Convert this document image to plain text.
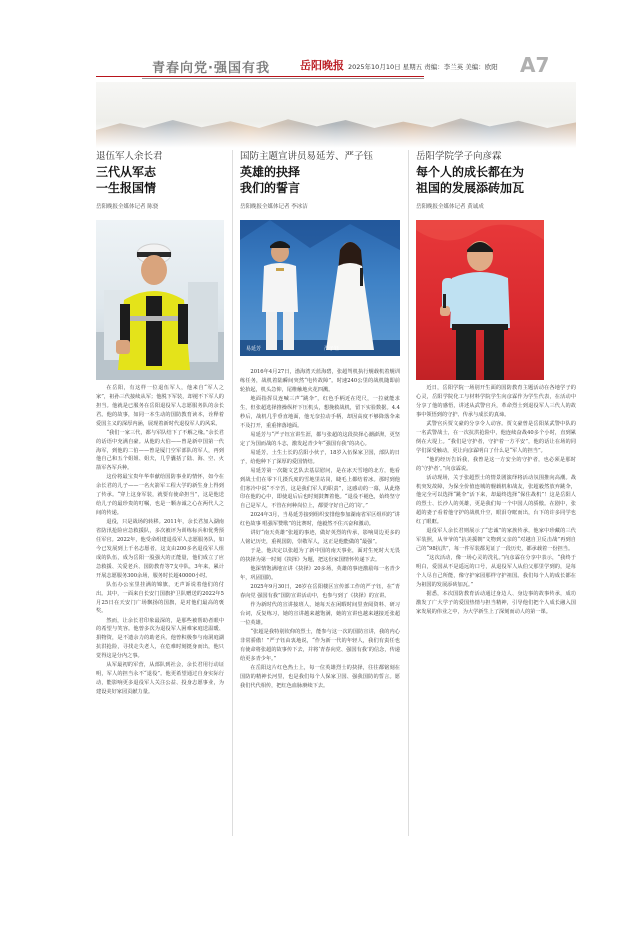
青春向党·强国有我	岳阳晚报 2025年10月10日 星期五 责编：李兰英 美编：欧阳 A7
退伍军人余长君
三代从军志
一生报国情
岳阳晚报全媒体记者 陈骁

在岳阳，有这样一位退伍军人，他来自“军人之家”，祖孙三代接续从军；他脱下军装，却褪不下军人的担当。他就是已服务在岳阳退役军人志愿服务队的余长君。他的故事，如同一本生动的国防教育读本，诠释着爱国主义的深厚内涵，展现着新时代退役军人的风采。

“我们一家三代，都与军队结下了不解之缘。”余长君的话语中充满自豪。从他的大伯——曾是新中国第一代海军，到他的二伯——曾是厦门空军部队的军人，再到他自己和五个姐姐、姐夫，几乎囊括了陆、海、空、火箭军各军兵种。

这份将最宝贵年华奉献给国防事业的情怀，如今在余长君的儿子——一名火箭军工程大学的新生身上得到了传承。“穿上这身军装，就要有使命担当”，这是他送给儿子的最珍贵的叮嘱，也是一颗赤诚之心在两代人之间的传递。

退役，只是战场的转移。2011年，余长君加入湖南省防汛抢险应急救援队，多次被评为训练标兵和优秀预任军官。2022年，他受命组建退役军人志愿服务队，如今已发展到上千名志愿者，这支由200多名退役军人组成的队伍，成为岳阳一股强大的正能量，他们成立了应急救援、关爱老兵、国防教育等7支中队，3年来，累计开展志愿服务300余场，服务时长超40000小时。

队伍办公室里挂满的锦旗，无声诉说着他们的付出。其中，一面来自长安门国旗护卫队赠送的2022年5月25日在天安门广场飘扬的国旗，是对他们最高的褒奖。

然而，让余长君印象最深的，是那些被帮助者眼中的希望与笑容。他曾多次为退役军人困难家庭送温暖、捐物资，是不遗余力的助老兵。他曾积极参与南洞庭湖抗洪抢险，寻找走失老人，在危难时刻挺身而出，他只觉得这是分内之事。

从军最初的军营，从部队到社会，余长君用行动证明，军人的担当永不“退役”。他更希望通过自身实际行动，能影响更多退役军人关注公益、投身志愿事业，为建设美好家园贡献力量。

国防主题宣讲员易延芳、严子钰
英雄的抉择
我们的誓言
岳阳晚报全媒体记者 李冰洁
易延芳	严子钰

2016年4月27日，渤海湾天蓝海碧，张超驾机执行舰载机着舰训练任务，战机着陆瞬间突然“电传故障”。时速240公里的战机随即前轮抬起，机头急仰，尾椎触地火花四溅。

地面指挥员连喊三声“跳伞”，红色手柄近在咫尺，一拉就能求生，但张超选择推操纵杆下压机头，想挽救战机，留下实验数据。4.4秒后，战机几乎垂直地面，他无奈拉动手柄，却因高度不够降落伞来不及打开，重重摔落地面。

易延芳与“严子钰宣讲生涯，都与张超的这段抉择心潮澎湃，更坚定了为国而战的斗志，激发起青少年“强国有我”的决心。

易延芳，土生土长的岳阳小伙子，18岁入伍保家卫国，部队的日子，给他种下了深厚的爱国情结。

易延芳第一次随文艺队去基层慰问，是在冰天雪地的北方，他看到战士们在零下几摄氏度的雪地里站岗，睫毛上都结着冰。那时到他们寒冷中说“不辛苦，这是我们军人的职责”，这感动的一幕，从此烙印在他的心中，即使退后后也时刻鼓舞着他。“退役不褪色，始终坚守自己是军人，不管在何种岗位上，都要守好自己的‘岗’。”

2024年3月，当易延芳接到组织安排他参加湖南省军区组织的“讲红色故事 唱强军赞歌”的比赛时，他毅然不住兴奋和激动。

讲好“南天英雄”张超的事迹，做好英烈的传承，影响周边更多的人铭记历史，重视国防，崇敬军人，这正是他能做的“最强”。

于是，他决定以张超为了新中国的南天事业，面对生死时大无畏的抉择为第一时刻《抉择》为题，把这份家国情怀传递下去。

他深情饱满地宣讲《抉择》20多场，英雄的事迹激励每一名青少年，巩固国防。

2025年9月30日，26岁在岳阳楼区宣传部工作的严子钰，在“青春向党 强国有我”国防宣讲活动中，也参与到了《抉择》的宣讲。

作为新时代的宣讲接班人，她每天在闲暇时间里查阅资料、研习台词，反复练习，她的宣讲越来越饱满，她的宣讲也越来越接近张超一位英雄。

“张超是我特别钦仰的烈士，能参与这一次的国防宣讲，我的内心非常骄傲！”严子钰由衷地说，“作为新一代的年轻人，我们有责任也有使命将张超的故事传下去，并将‘青春向党、强国有我’的信念，传递给更多青少年。”

在岳阳这片红色热土上，每一位英雄烈士的抉择，往往都铭刻在国防的精神长河里，也是我们每个人保家卫国、强我国防的誓言。愿我们代代相传，把红色血脉赓续下去。

岳阳学院学子向彦霖
每个人的成长都在为
祖国的发展添砖加瓦
岳阳晚报全媒体记者 黄诚成

近日，岳阳学院一场别开生面的国防教育主题活动在各地学子的心灵，岳阳学院化工与材料学院学生向彦霖作为学生代表，在活动中分享了他的感悟，讲述从武警官兵，革命烈士到退役军人三代人的故事中领悟到的守护、传承与成长的真谛。

武警官兵贾文豪的分享令人动容。贾文豪曾是岳阳某武警中队的一名武警战士，在一次抗洪抢险中，他连续奋战40多个小时，直到累倒在大堤上。“我们是守护者，守护着一方平安”，他的话让在场的同学们深受触动，更让向彦霖明白了什么是“军人的担当”。

“他的经历告诉我，我曾是这一方安全的守护者，也必须是那时的‘守护者’。”向彦霖说。

活动现场，关于张超烈士的情景剧演绎将活动氛围推向高潮。战机突发故障，为保全价值连城的舰载机和战友，张超毅然放弃跳伞，他完全可以选择“跳伞”活下来，却最终选择“保住战机”！这是岳阳人的烈士、长沙人的英雄，更是我们每一个中国人的骄傲。在剧中，张超的妻子看着他守护的战机升空，眼泪夺眶而出，台下的许多同学也红了眼眶。

退役军人余长君则展示了“忠诚”的家族传承，他家中珍藏的三代军装照，从爷爷的“抗美援朝”文物到父亲的“对越自卫反击战”再到自己的“98抗洪”，每一件军装都见证了一段历史，都承载着一份担当。

“这次活动，像一场心灵的洗礼。”向彦霖在分享中表示，“我终于明白，爱国从不是遥远的口号，从退役军人从伯父那里学到的，是每个人尽自己所能，像守护家园那样守护祖国。我们每个人的成长都在为祖国的发展添砖加瓦。”

据悉，本次国防教育活动通过身边人、身边事的故事传承，成功激发了广大学子的爱国热情与担当精神，引导他们把个人成长融入国家发展的伟业之中，为大学新生上了深刻而动人的第一课。
